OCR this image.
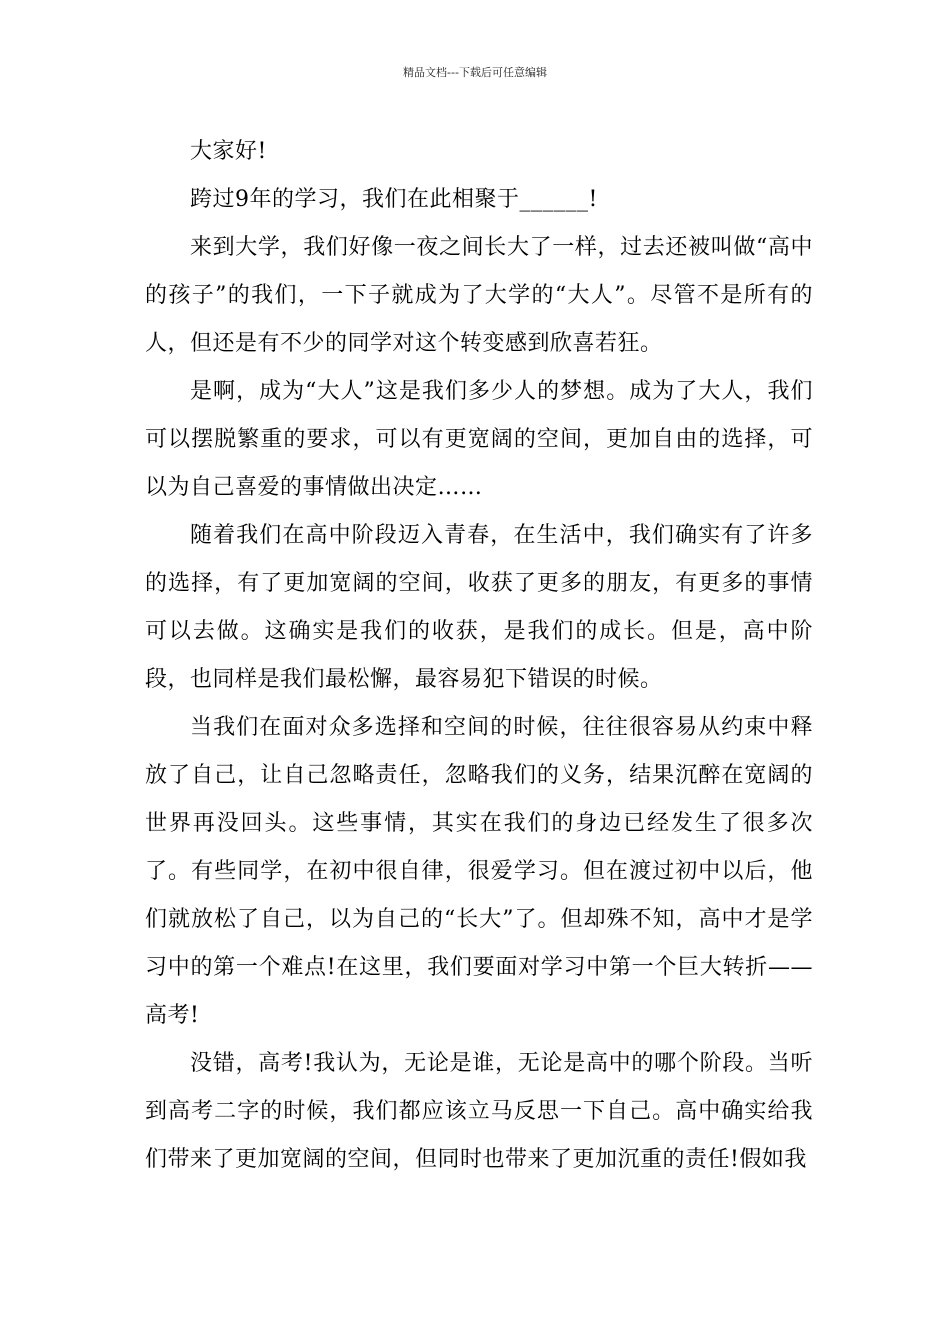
精品文档---下载后可任意编辑

大家好!

跨过9年的学习，我们在此相聚于______!

来到大学，我们好像一夜之间长大了一样，过去还被叫做“高中的孩子”的我们，一下子就成为了大学的“大人”。尽管不是所有的人，但还是有不少的同学对这个转变感到欣喜若狂。

是啊，成为“大人”这是我们多少人的梦想。成为了大人，我们可以摆脱繁重的要求，可以有更宽阔的空间，更加自由的选择，可以为自己喜爱的事情做出决定……

随着我们在高中阶段迈入青春，在生活中，我们确实有了许多的选择，有了更加宽阔的空间，收获了更多的朋友，有更多的事情可以去做。这确实是我们的收获，是我们的成长。但是，高中阶段，也同样是我们最松懈，最容易犯下错误的时候。

当我们在面对众多选择和空间的时候，往往很容易从约束中释放了自己，让自己忽略责任，忽略我们的义务，结果沉醉在宽阔的世界再没回头。这些事情，其实在我们的身边已经发生了很多次了。有些同学，在初中很自律，很爱学习。但在渡过初中以后，他们就放松了自己，以为自己的“长大”了。但却殊不知，高中才是学习中的第一个难点!在这里，我们要面对学习中第一个巨大转折——高考!

没错，高考!我认为，无论是谁，无论是高中的哪个阶段。当听到高考二字的时候，我们都应该立马反思一下自己。高中确实给我们带来了更加宽阔的空间，但同时也带来了更加沉重的责任!假如我
